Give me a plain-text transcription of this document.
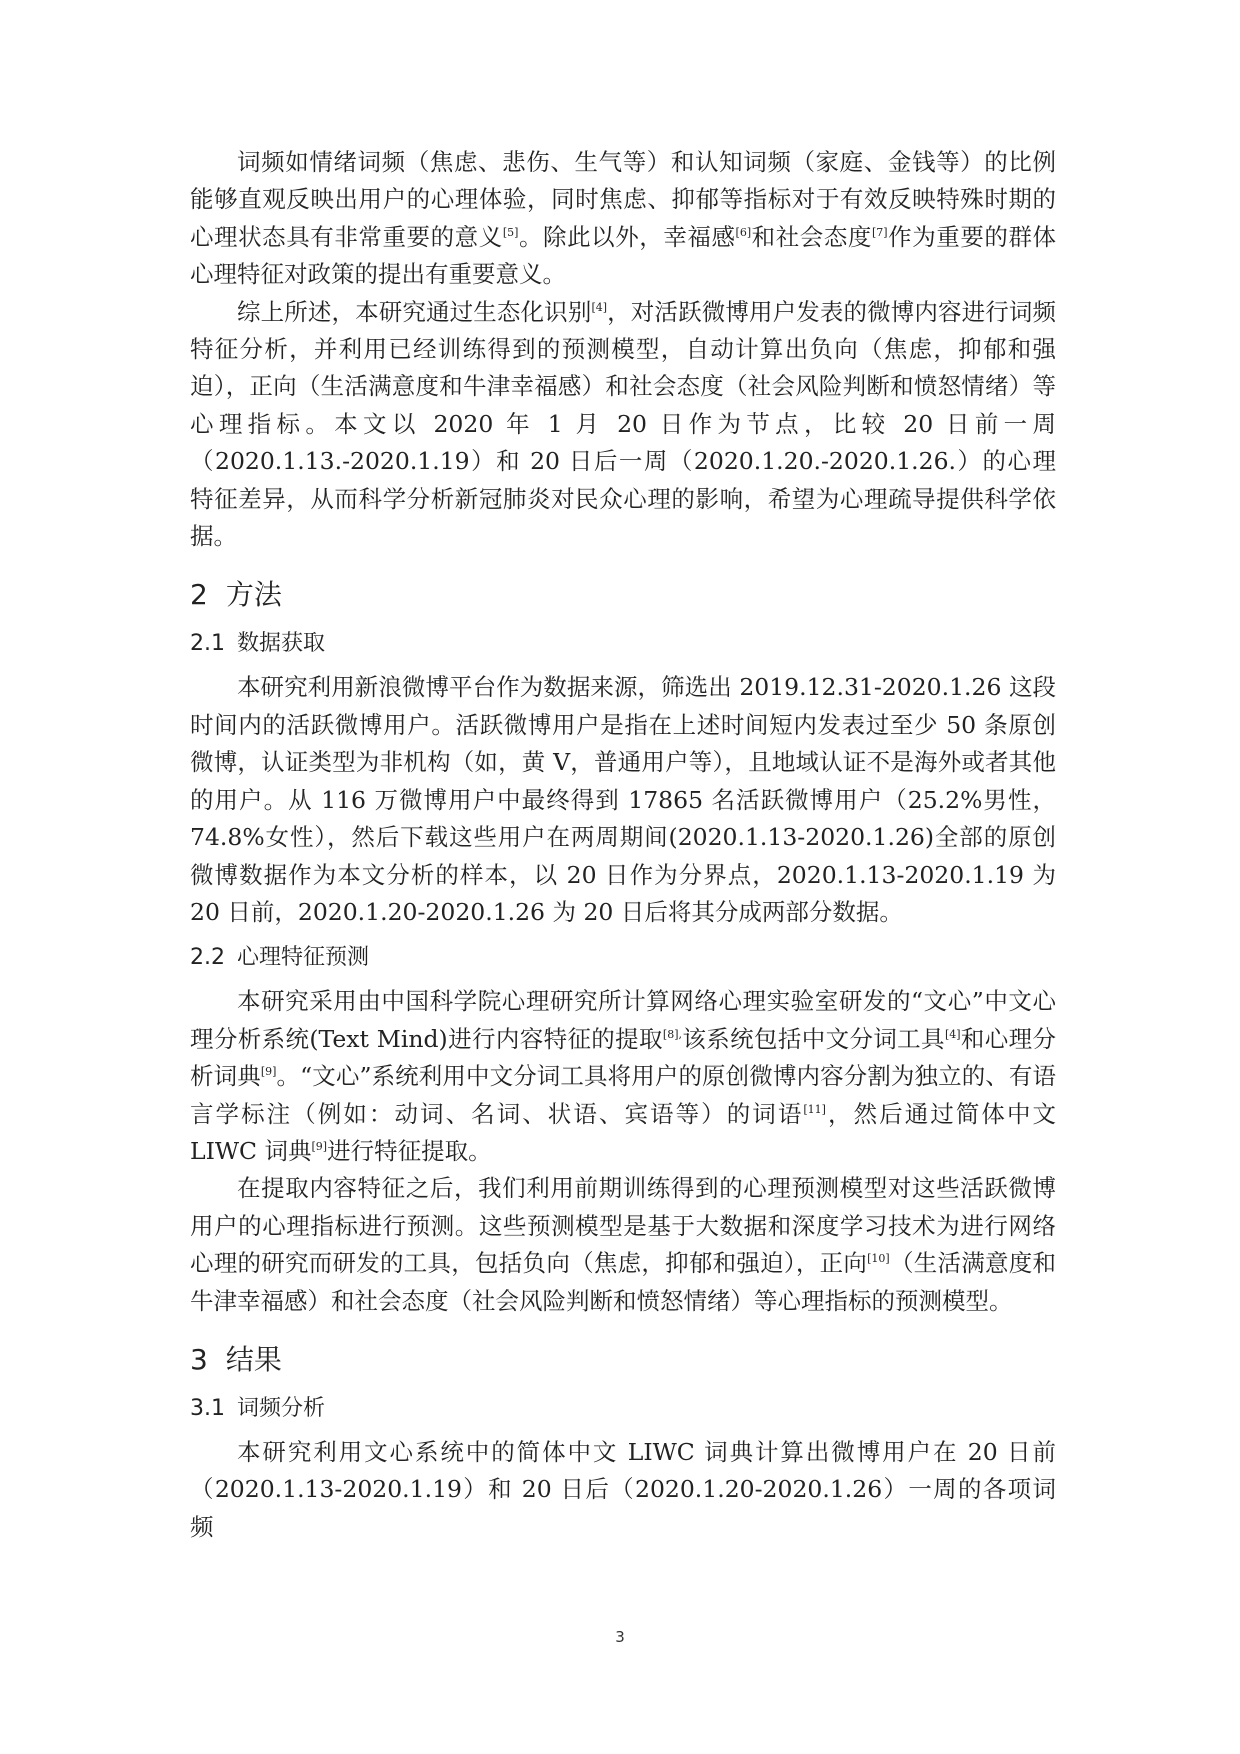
词频如情绪词频（焦虑、悲伤、生气等）和认知词频（家庭、金钱等）的比例能够直观反映出用户的心理体验，同时焦虑、抑郁等指标对于有效反映特殊时期的心理状态具有非常重要的意义[5]。除此以外，幸福感[6]和社会态度[7]作为重要的群体心理特征对政策的提出有重要意义。

综上所述，本研究通过生态化识别[4]，对活跃微博用户发表的微博内容进行词频特征分析，并利用已经训练得到的预测模型，自动计算出负向（焦虑，抑郁和强迫），正向（生活满意度和牛津幸福感）和社会态度（社会风险判断和愤怒情绪）等心理指标。本文以 2020 年 1 月 20 日作为节点，比较 20 日前一周（2020.1.13.-2020.1.19）和 20 日后一周（2020.1.20.-2020.1.26.）的心理特征差异，从而科学分析新冠肺炎对民众心理的影响，希望为心理疏导提供科学依据。

2 方法
2.1 数据获取

本研究利用新浪微博平台作为数据来源，筛选出 2019.12.31-2020.1.26 这段时间内的活跃微博用户。活跃微博用户是指在上述时间短内发表过至少 50 条原创微博，认证类型为非机构（如，黄 V，普通用户等），且地域认证不是海外或者其他的用户。从 116 万微博用户中最终得到 17865 名活跃微博用户（25.2%男性，74.8%女性），然后下载这些用户在两周期间(2020.1.13-2020.1.26)全部的原创微博数据作为本文分析的样本，以 20 日作为分界点，2020.1.13-2020.1.19 为 20 日前，2020.1.20-2020.1.26 为 20 日后将其分成两部分数据。

2.2 心理特征预测

本研究采用由中国科学院心理研究所计算网络心理实验室研发的“文心”中文心理分析系统(Text Mind)进行内容特征的提取$^{[8],}$该系统包括中文分词工具[4]和心理分析词典[9]。“文心”系统利用中文分词工具将用户的原创微博内容分割为独立的、有语言学标注（例如：动词、名词、状语、宾语等）的词语[11]，然后通过简体中文 LIWC 词典[9]进行特征提取。

在提取内容特征之后，我们利用前期训练得到的心理预测模型对这些活跃微博用户的心理指标进行预测。这些预测模型是基于大数据和深度学习技术为进行网络心理的研究而研发的工具，包括负向（焦虑，抑郁和强迫），正向[10]（生活满意度和牛津幸福感）和社会态度（社会风险判断和愤怒情绪）等心理指标的预测模型。

3 结果
3.1 词频分析

本研究利用文心系统中的简体中文 LIWC 词典计算出微博用户在 20 日前（2020.1.13-2020.1.19）和 20 日后（2020.1.20-2020.1.26）一周的各项词频

3
